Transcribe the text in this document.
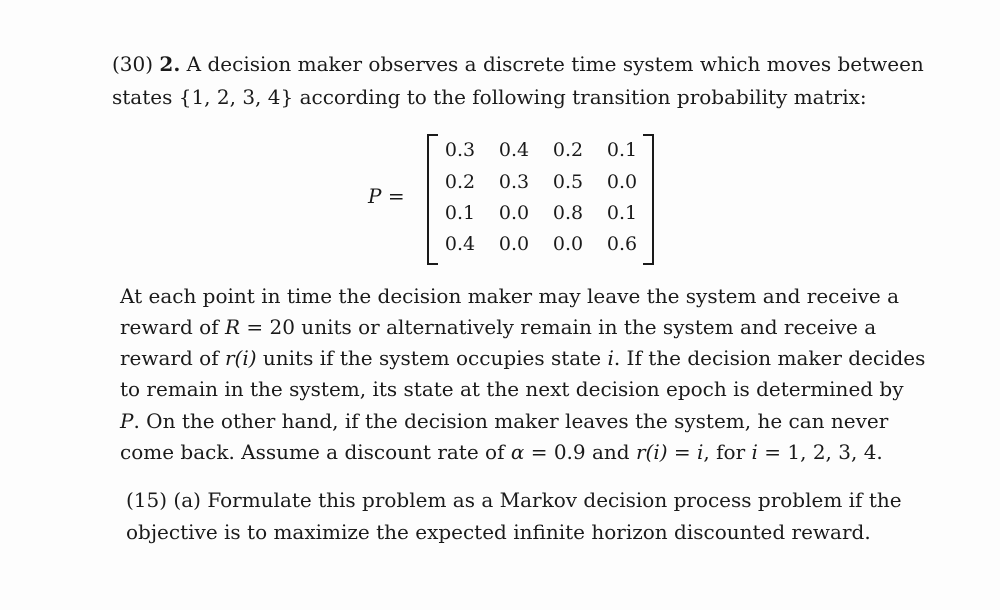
(30) 2. A decision maker observes a discrete time system which moves between
states {1, 2, 3, 4} according to the following transition probability matrix:
P =
0.3	0.4	0.2	0.1
0.2	0.3	0.5	0.0
0.1	0.0	0.8	0.1
0.4	0.0	0.0	0.6
At each point in time the decision maker may leave the system and receive a
reward of R = 20 units or alternatively remain in the system and receive a
reward of r(i) units if the system occupies state i. If the decision maker decides
to remain in the system, its state at the next decision epoch is determined by
P. On the other hand, if the decision maker leaves the system, he can never
come back. Assume a discount rate of α = 0.9 and r(i) = i, for i = 1, 2, 3, 4.
(15) (a) Formulate this problem as a Markov decision process problem if the
objective is to maximize the expected infinite horizon discounted reward.
